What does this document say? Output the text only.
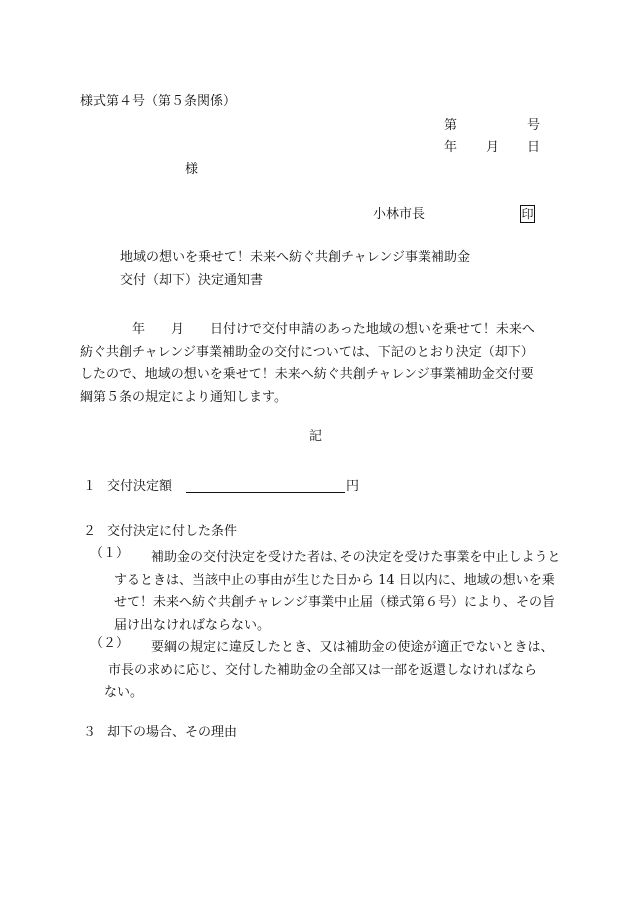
様式第４号（第５条関係）
第	号
年 月 日
様
小林市長	印
地域の想いを乗せて！未来へ紡ぐ共創チャレンジ事業補助金
交付（却下）決定通知書
　　　　年　　月　　日付けで交付申請のあった地域の想いを乗せて！未来へ
紡ぐ共創チャレンジ事業補助金の交付については、下記のとおり決定（却下）
したので、地域の想いを乗せて！未来へ紡ぐ共創チャレンジ事業補助金交付要
綱第５条の規定により通知します。
記
１ 交付決定額	円
２ 交付決定に付した条件
（１） 　補助金の交付決定を受けた者は､その決定を受けた事業を中止しようと
するときは、当該中止の事由が生じた日から 14 日以内に、地域の想いを乗
せて！未来へ紡ぐ共創チャレンジ事業中止届（様式第６号）により、その旨
届け出なければならない。
（２） 　要綱の規定に違反したとき、又は補助金の使途が適正でないときは、
市長の求めに応じ、交付した補助金の全部又は一部を返還しなければなら
ない。
３ 却下の場合、その理由
